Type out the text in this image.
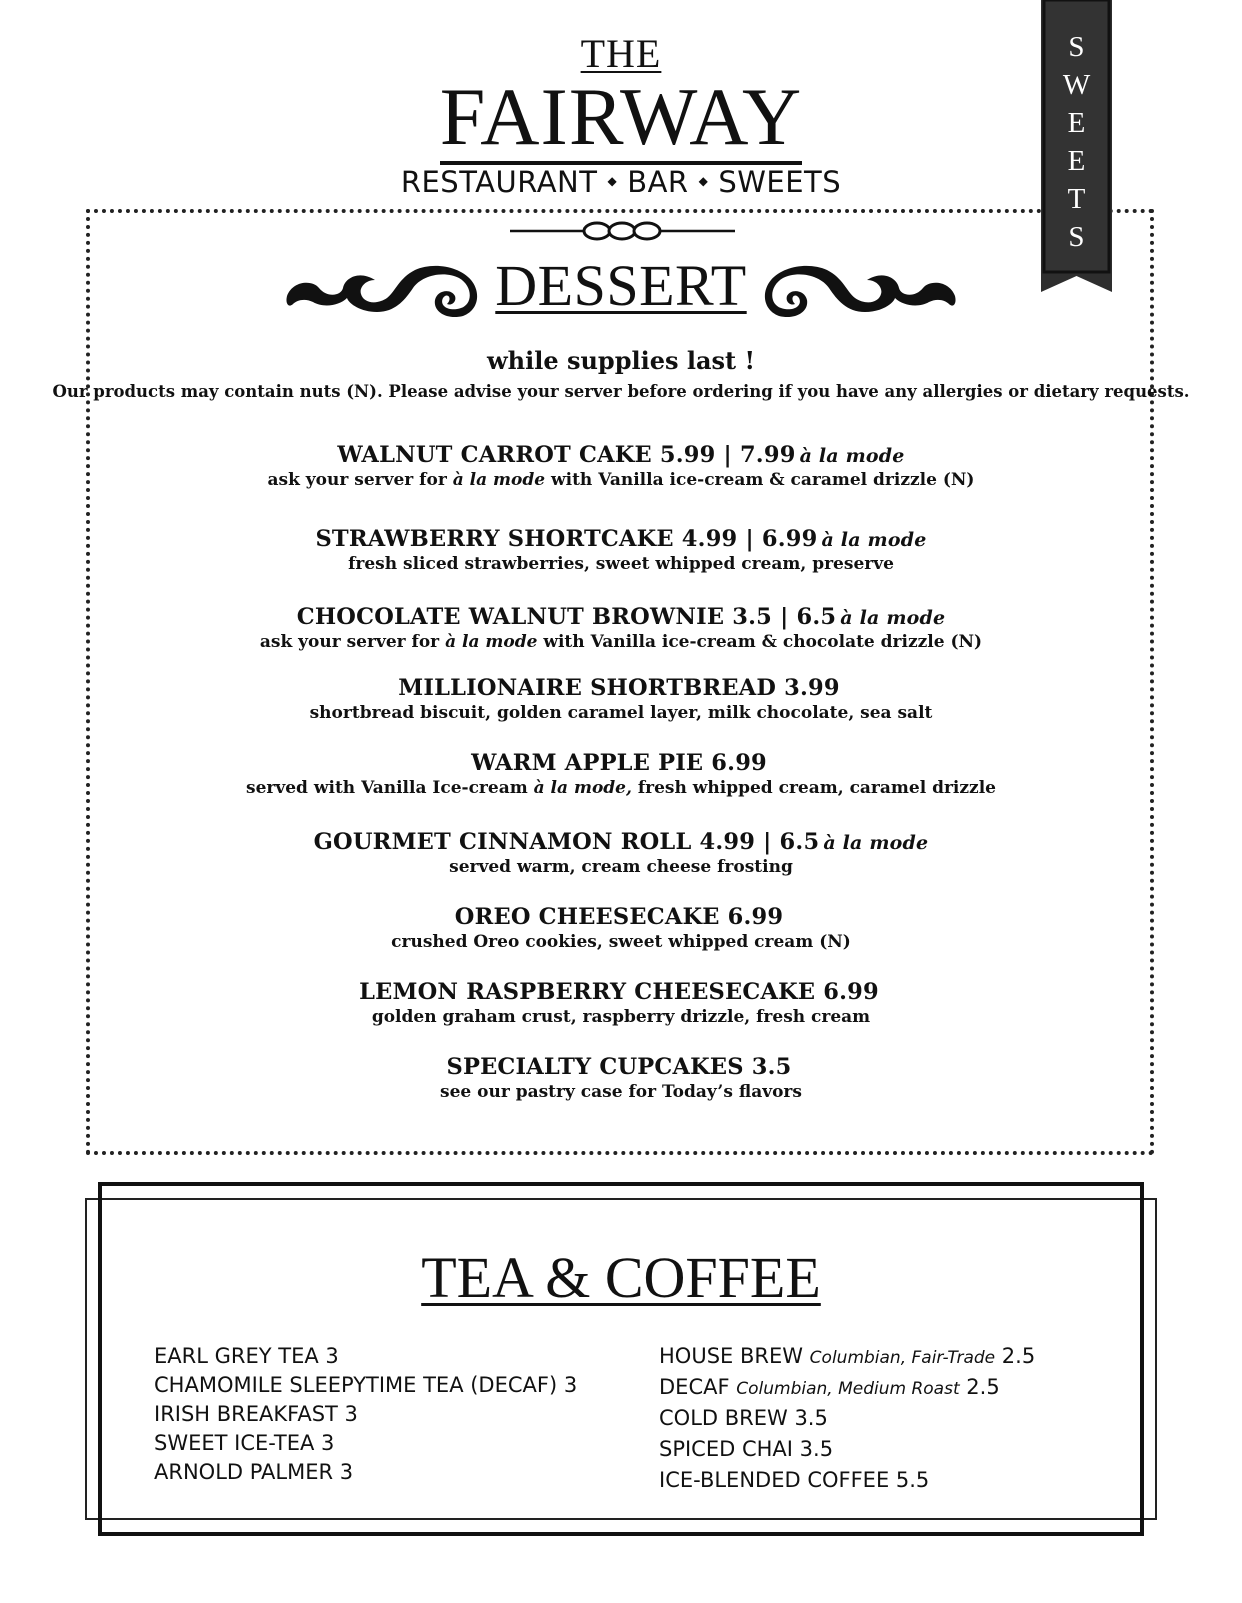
THE
FAIRWAY
RESTAURANT ◆ BAR ◆ SWEETS
S
W
E
E
T
S
DESSERT
while supplies last !
Our products may contain nuts (N). Please advise your server before ordering if you have any allergies or dietary requests.
WALNUT CARROT CAKE 5.99 | 7.99 à la mode
ask your server for à la mode with Vanilla ice-cream & caramel drizzle (N)
STRAWBERRY SHORTCAKE 4.99 | 6.99 à la mode
fresh sliced strawberries, sweet whipped cream, preserve
CHOCOLATE WALNUT BROWNIE 3.5 | 6.5 à la mode
ask your server for à la mode with Vanilla ice-cream & chocolate drizzle (N)
MILLIONAIRE SHORTBREAD 3.99
shortbread biscuit, golden caramel layer, milk chocolate, sea salt
WARM APPLE PIE 6.99
served with Vanilla Ice-cream à la mode, fresh whipped cream, caramel drizzle
GOURMET CINNAMON ROLL 4.99 | 6.5 à la mode
served warm, cream cheese frosting
OREO CHEESECAKE 6.99
crushed Oreo cookies, sweet whipped cream (N)
LEMON RASPBERRY CHEESECAKE 6.99
golden graham crust, raspberry drizzle, fresh cream
SPECIALTY CUPCAKES 3.5
see our pastry case for Today’s flavors
TEA & COFFEE
EARL GREY TEA 3
CHAMOMILE SLEEPYTIME TEA (DECAF) 3
IRISH BREAKFAST 3
SWEET ICE-TEA 3
ARNOLD PALMER 3
HOUSE BREW Columbian, Fair-Trade 2.5
DECAF Columbian, Medium Roast 2.5
COLD BREW 3.5
SPICED CHAI 3.5
ICE-BLENDED COFFEE 5.5
